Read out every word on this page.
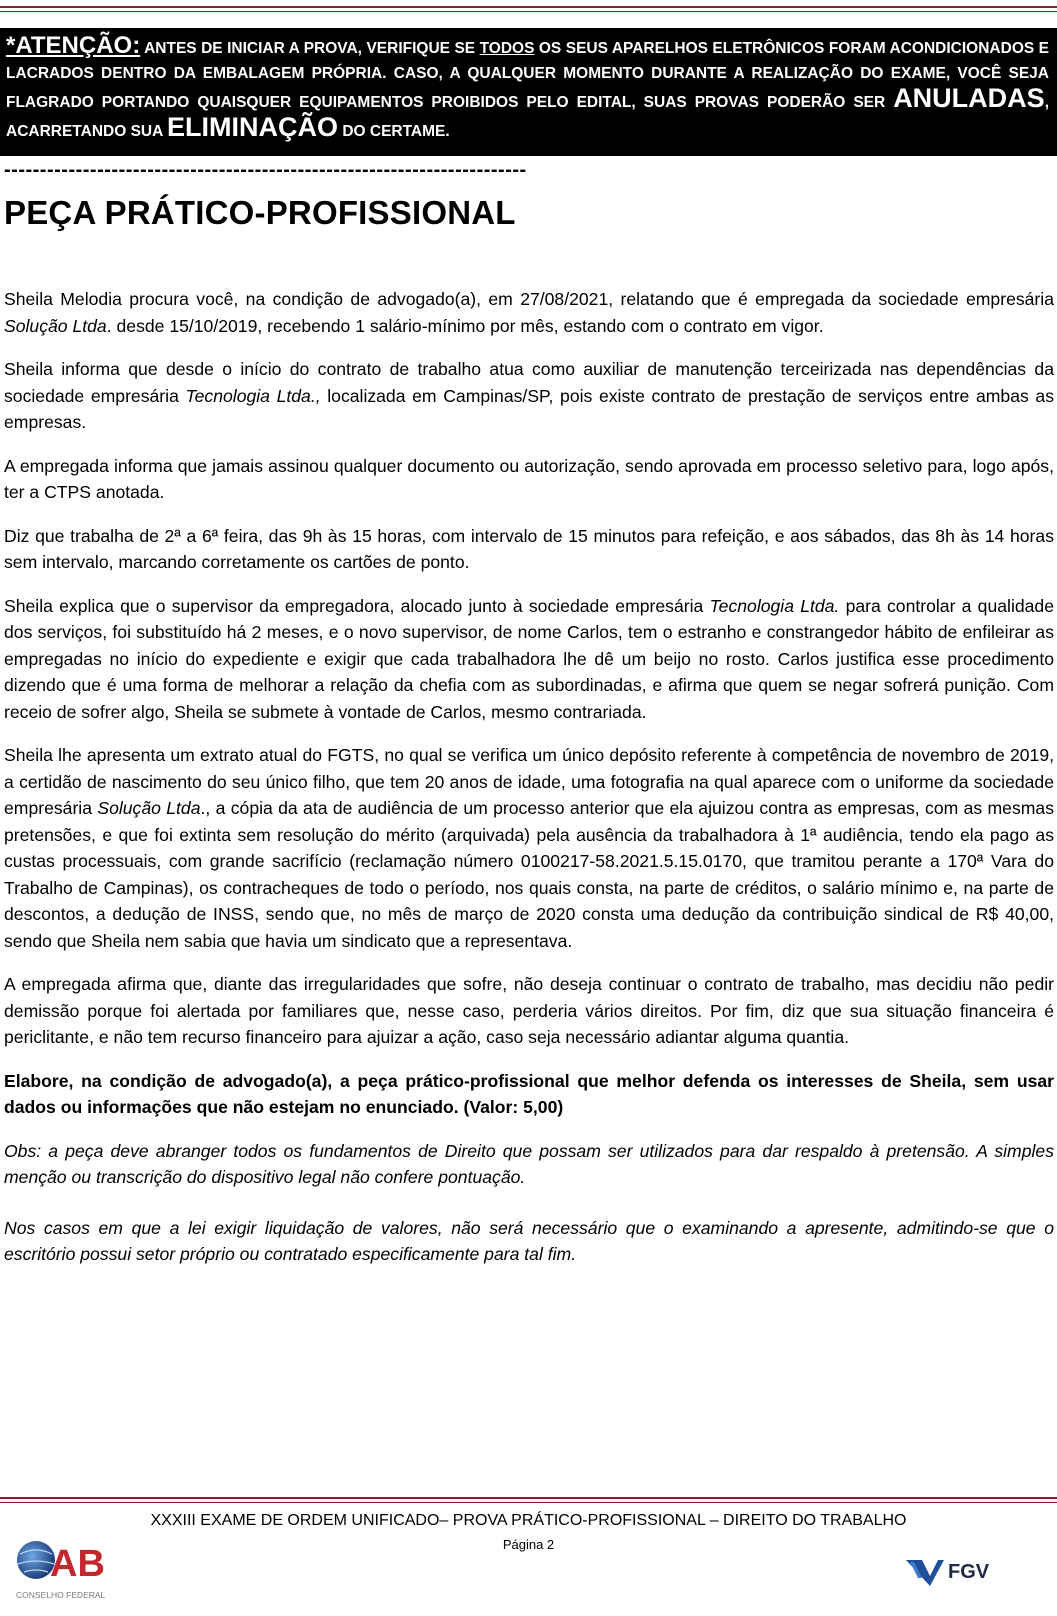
*ATENÇÃO: ANTES DE INICIAR A PROVA, VERIFIQUE SE TODOS OS SEUS APARELHOS ELETRÔNICOS FORAM ACONDICIONADOS E LACRADOS DENTRO DA EMBALAGEM PRÓPRIA. CASO, A QUALQUER MOMENTO DURANTE A REALIZAÇÃO DO EXAME, VOCÊ SEJA FLAGRADO PORTANDO QUAISQUER EQUIPAMENTOS PROIBIDOS PELO EDITAL, SUAS PROVAS PODERÃO SER ANULADAS, ACARRETANDO SUA ELIMINAÇÃO DO CERTAME.
-------------------------------------------------------------------------
PEÇA PRÁTICO-PROFISSIONAL

Sheila Melodia procura você, na condição de advogado(a), em 27/08/2021, relatando que é empregada da sociedade empresária Solução Ltda. desde 15/10/2019, recebendo 1 salário-mínimo por mês, estando com o contrato em vigor.

Sheila informa que desde o início do contrato de trabalho atua como auxiliar de manutenção terceirizada nas dependências da sociedade empresária Tecnologia Ltda., localizada em Campinas/SP, pois existe contrato de prestação de serviços entre ambas as empresas.

A empregada informa que jamais assinou qualquer documento ou autorização, sendo aprovada em processo seletivo para, logo após, ter a CTPS anotada.

Diz que trabalha de 2ª a 6ª feira, das 9h às 15 horas, com intervalo de 15 minutos para refeição, e aos sábados, das 8h às 14 horas sem intervalo, marcando corretamente os cartões de ponto.

Sheila explica que o supervisor da empregadora, alocado junto à sociedade empresária Tecnologia Ltda. para controlar a qualidade dos serviços, foi substituído há 2 meses, e o novo supervisor, de nome Carlos, tem o estranho e constrangedor hábito de enfileirar as empregadas no início do expediente e exigir que cada trabalhadora lhe dê um beijo no rosto. Carlos justifica esse procedimento dizendo que é uma forma de melhorar a relação da chefia com as subordinadas, e afirma que quem se negar sofrerá punição. Com receio de sofrer algo, Sheila se submete à vontade de Carlos, mesmo contrariada.

Sheila lhe apresenta um extrato atual do FGTS, no qual se verifica um único depósito referente à competência de novembro de 2019, a certidão de nascimento do seu único filho, que tem 20 anos de idade, uma fotografia na qual aparece com o uniforme da sociedade empresária Solução Ltda., a cópia da ata de audiência de um processo anterior que ela ajuizou contra as empresas, com as mesmas pretensões, e que foi extinta sem resolução do mérito (arquivada) pela ausência da trabalhadora à 1ª audiência, tendo ela pago as custas processuais, com grande sacrifício (reclamação número 0100217-58.2021.5.15.0170, que tramitou perante a 170ª Vara do Trabalho de Campinas), os contracheques de todo o período, nos quais consta, na parte de créditos, o salário mínimo e, na parte de descontos, a dedução de INSS, sendo que, no mês de março de 2020 consta uma dedução da contribuição sindical de R$ 40,00, sendo que Sheila nem sabia que havia um sindicato que a representava.

A empregada afirma que, diante das irregularidades que sofre, não deseja continuar o contrato de trabalho, mas decidiu não pedir demissão porque foi alertada por familiares que, nesse caso, perderia vários direitos. Por fim, diz que sua situação financeira é periclitante, e não tem recurso financeiro para ajuizar a ação, caso seja necessário adiantar alguma quantia.

Elabore, na condição de advogado(a), a peça prático-profissional que melhor defenda os interesses de Sheila, sem usar dados ou informações que não estejam no enunciado. (Valor: 5,00)

Obs: a peça deve abranger todos os fundamentos de Direito que possam ser utilizados para dar respaldo à pretensão. A simples menção ou transcrição do dispositivo legal não confere pontuação.

Nos casos em que a lei exigir liquidação de valores, não será necessário que o examinando a apresente, admitindo-se que o escritório possui setor próprio ou contratado especificamente para tal fim.

XXXIII EXAME DE ORDEM UNIFICADO– PROVA PRÁTICO-PROFISSIONAL – DIREITO DO TRABALHO
Página 2
AB
CONSELHO FEDERAL
FGV
